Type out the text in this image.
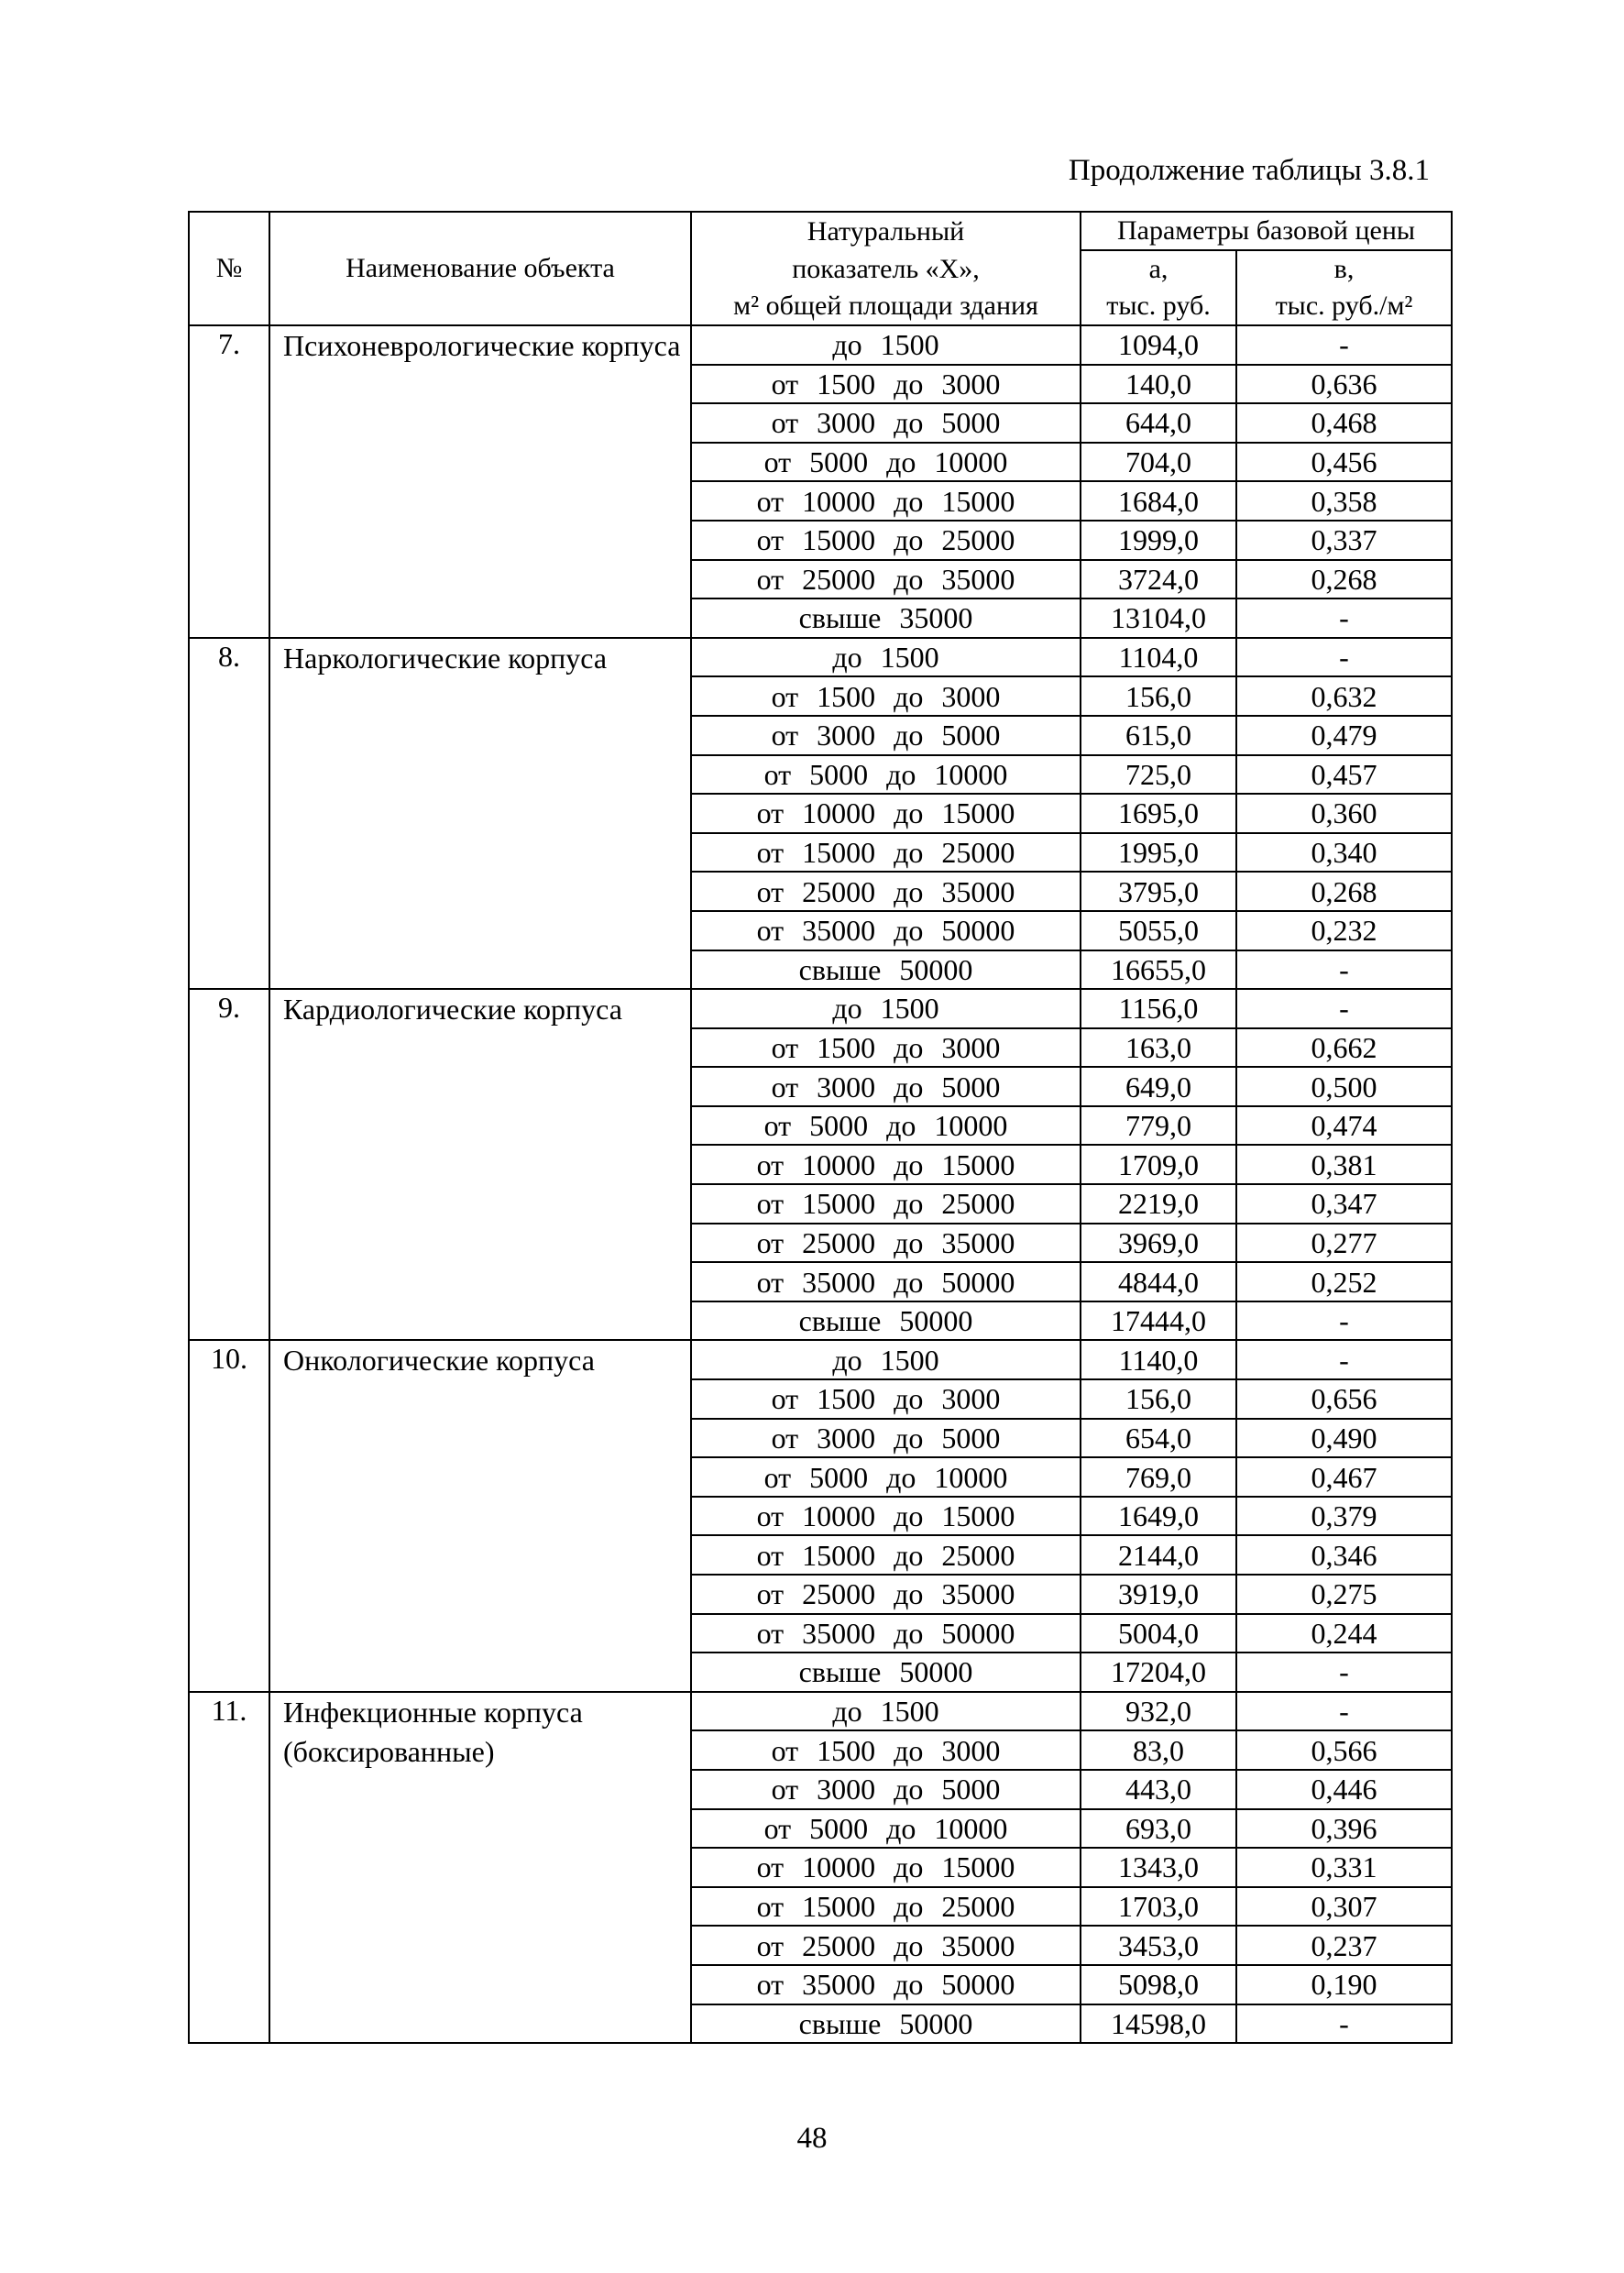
Продолжение таблицы 3.8.1
№	Наименование объекта	Натуральный	Параметры базовой цены	
		показатель «Х»,	а,	в,
		м² общей площади здания	тыс. руб.	тыс. руб./м²
7.	Психоневрологические корпуса	до 1500	1094,0	-
		от 1500 до 3000	140,0	0,636
		от 3000 до 5000	644,0	0,468
		от 5000 до 10000	704,0	0,456
		от 10000 до 15000	1684,0	0,358
		от 15000 до 25000	1999,0	0,337
		от 25000 до 35000	3724,0	0,268
		свыше 35000	13104,0	-
8.	Наркологические корпуса	до 1500	1104,0	-
		от 1500 до 3000	156,0	0,632
		от 3000 до 5000	615,0	0,479
		от 5000 до 10000	725,0	0,457
		от 10000 до 15000	1695,0	0,360
		от 15000 до 25000	1995,0	0,340
		от 25000 до 35000	3795,0	0,268
		от 35000 до 50000	5055,0	0,232
		свыше 50000	16655,0	-
9.	Кардиологические корпуса	до 1500	1156,0	-
		от 1500 до 3000	163,0	0,662
		от 3000 до 5000	649,0	0,500
		от 5000 до 10000	779,0	0,474
		от 10000 до 15000	1709,0	0,381
		от 15000 до 25000	2219,0	0,347
		от 25000 до 35000	3969,0	0,277
		от 35000 до 50000	4844,0	0,252
		свыше 50000	17444,0	-
10.	Онкологические корпуса	до 1500	1140,0	-
		от 1500 до 3000	156,0	0,656
		от 3000 до 5000	654,0	0,490
		от 5000 до 10000	769,0	0,467
		от 10000 до 15000	1649,0	0,379
		от 15000 до 25000	2144,0	0,346
		от 25000 до 35000	3919,0	0,275
		от 35000 до 50000	5004,0	0,244
		свыше 50000	17204,0	-
11.	Инфекционные корпуса (боксированные)	до 1500	932,0	-
		от 1500 до 3000	83,0	0,566
		от 3000 до 5000	443,0	0,446
		от 5000 до 10000	693,0	0,396
		от 10000 до 15000	1343,0	0,331
		от 15000 до 25000	1703,0	0,307
		от 25000 до 35000	3453,0	0,237
		от 35000 до 50000	5098,0	0,190
		свыше 50000	14598,0	-
48
